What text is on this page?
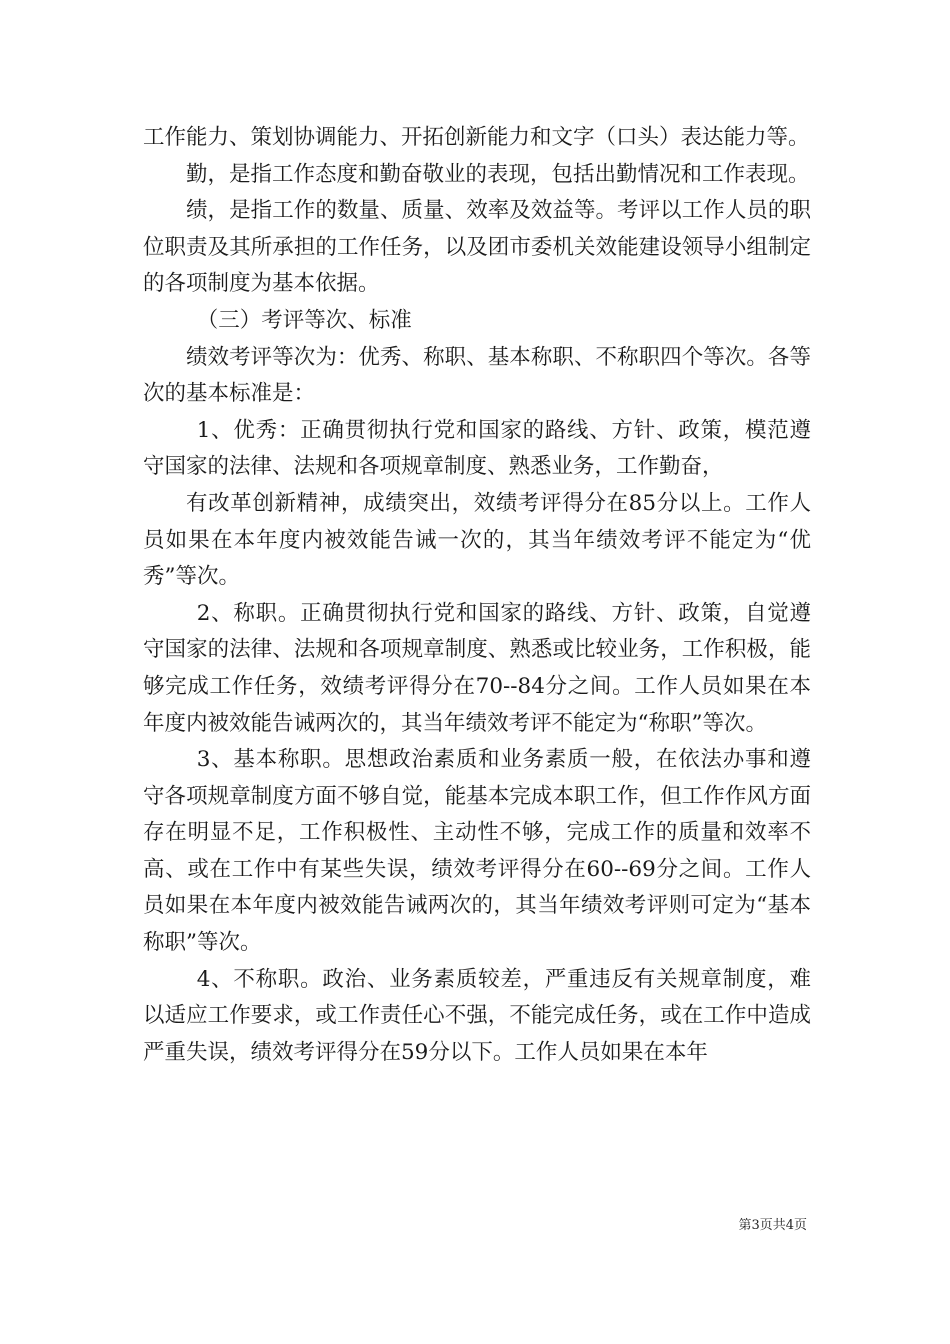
工作能力、策划协调能力、开拓创新能力和文字（口头）表达能力等。

勤，是指工作态度和勤奋敬业的表现，包括出勤情况和工作表现。

绩，是指工作的数量、质量、效率及效益等。考评以工作人员的职位职责及其所承担的工作任务，以及团市委机关效能建设领导小组制定的各项制度为基本依据。

（三）考评等次、标准

绩效考评等次为：优秀、称职、基本称职、不称职四个等次。各等次的基本标准是：

1、优秀：正确贯彻执行党和国家的路线、方针、政策，模范遵守国家的法律、法规和各项规章制度、熟悉业务，工作勤奋，

有改革创新精神，成绩突出，效绩考评得分在85分以上。工作人员如果在本年度内被效能告诫一次的，其当年绩效考评不能定为“优秀”等次。

2、称职。正确贯彻执行党和国家的路线、方针、政策，自觉遵守国家的法律、法规和各项规章制度、熟悉或比较业务，工作积极，能够完成工作任务，效绩考评得分在70--84分之间。工作人员如果在本年度内被效能告诫两次的，其当年绩效考评不能定为“称职”等次。

3、基本称职。思想政治素质和业务素质一般，在依法办事和遵守各项规章制度方面不够自觉，能基本完成本职工作，但工作作风方面存在明显不足，工作积极性、主动性不够，完成工作的质量和效率不高、或在工作中有某些失误，绩效考评得分在60--69分之间。工作人员如果在本年度内被效能告诫两次的，其当年绩效考评则可定为“基本称职”等次。

4、不称职。政治、业务素质较差，严重违反有关规章制度，难以适应工作要求，或工作责任心不强，不能完成任务，或在工作中造成严重失误，绩效考评得分在59分以下。工作人员如果在本年

第3页共4页
